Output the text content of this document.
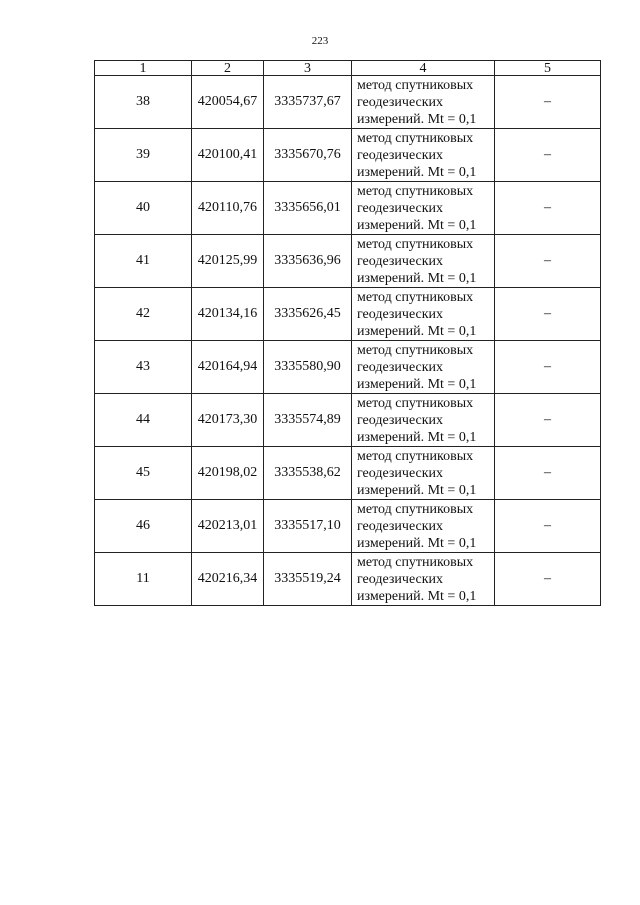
223
1	2	3	4	5
38	420054,67	3335737,67	метод спутниковых
геодезических
измерений. Mt = 0,1	–
39	420100,41	3335670,76	метод спутниковых
геодезических
измерений. Mt = 0,1	–
40	420110,76	3335656,01	метод спутниковых
геодезических
измерений. Mt = 0,1	–
41	420125,99	3335636,96	метод спутниковых
геодезических
измерений. Mt = 0,1	–
42	420134,16	3335626,45	метод спутниковых
геодезических
измерений. Mt = 0,1	–
43	420164,94	3335580,90	метод спутниковых
геодезических
измерений. Mt = 0,1	–
44	420173,30	3335574,89	метод спутниковых
геодезических
измерений. Mt = 0,1	–
45	420198,02	3335538,62	метод спутниковых
геодезических
измерений. Mt = 0,1	–
46	420213,01	3335517,10	метод спутниковых
геодезических
измерений. Mt = 0,1	–
11	420216,34	3335519,24	метод спутниковых
геодезических
измерений. Mt = 0,1	–
